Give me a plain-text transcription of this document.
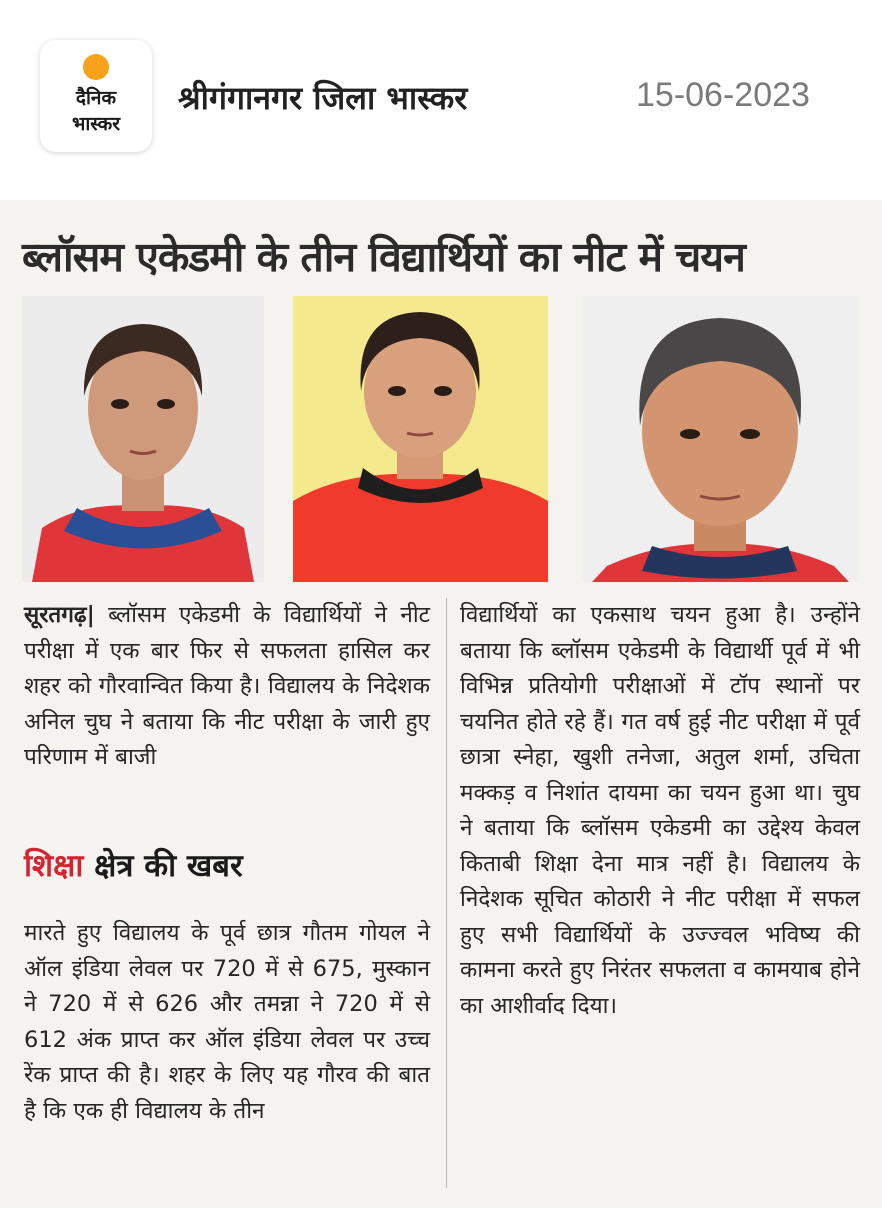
दैनिक
भास्कर
श्रीगंगानगर जिला भास्कर	15-06-2023
ब्लॉसम एकेडमी के तीन विद्यार्थियों का नीट में चयन
सूरतगढ़| ब्लॉसम एकेडमी के विद्यार्थियों ने नीट परीक्षा में एक बार फिर से सफलता हासिल कर शहर को गौरवान्वित किया है। विद्यालय के निदेशक अनिल चुघ ने बताया कि नीट परीक्षा के जारी हुए परिणाम में बाजी
शिक्षा क्षेत्र की खबर
मारते हुए विद्यालय के पूर्व छात्र गौतम गोयल ने ऑल इंडिया लेवल पर 720 में से 675, मुस्कान ने 720 में से 626 और तमन्ना ने 720 में से 612 अंक प्राप्त कर ऑल इंडिया लेवल पर उच्च रेंक प्राप्त की है। शहर के लिए यह गौरव की बात है कि एक ही विद्यालय के तीन
विद्यार्थियों का एकसाथ चयन हुआ है। उन्होंने बताया कि ब्लॉसम एकेडमी के विद्यार्थी पूर्व में भी विभिन्न प्रतियोगी परीक्षाओं में टॉप स्थानों पर चयनित होते रहे हैं। गत वर्ष हुई नीट परीक्षा में पूर्व छात्रा स्नेहा, खुशी तनेजा, अतुल शर्मा, उचिता मक्कड़ व निशांत दायमा का चयन हुआ था। चुघ ने बताया कि ब्लॉसम एकेडमी का उद्देश्य केवल किताबी शिक्षा देना मात्र नहीं है। विद्यालय के निदेशक सूचित कोठारी ने नीट परीक्षा में सफल हुए सभी विद्यार्थियों के उज्ज्वल भविष्य की कामना करते हुए निरंतर सफलता व कामयाब होने का आशीर्वाद दिया।
